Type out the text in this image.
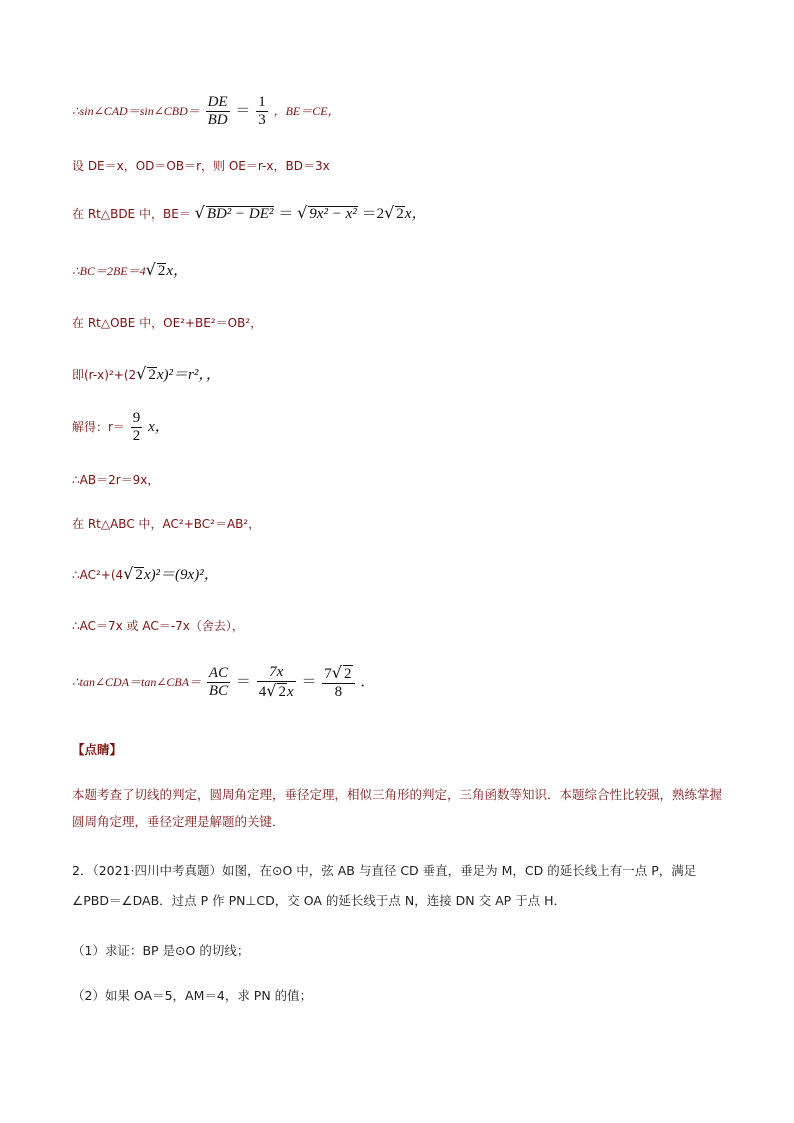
∴sin∠CAD＝sin∠CBD＝ $\frac{DE}{BD} = \frac{1}{3}$ ，BE＝CE，
设 DE＝x，OD＝OB＝r，则 OE＝r-x，BD＝3x
在 Rt△BDE 中，BE＝ √ BD² − DE² ＝ √ 9x² − x² ＝2√ 2x，
∴BC＝2BE＝4√ 2x，
在 Rt△OBE 中，OE²+BE²＝OB²，
即(r-x)²+(2√ 2x)²＝r²，，
解得：$r= \frac{9}{2}$ x，
∴AB＝2r＝9x，
在 Rt△ABC 中，AC²+BC²＝AB²，
∴AC²+(4√ 2x)²＝(9x)²，
∴AC＝7x 或 AC＝-7x（舍去），
∴tan∠CDA＝tan∠CBA＝ $\frac{AC}{BC} = \frac{7x}{4√ 2x} = \frac{7√ 2}{8}$ ．
【点睛】
本题考查了切线的判定，圆周角定理，垂径定理，相似三角形的判定，三角函数等知识．本题综合性比较强，熟练掌握圆周角定理，垂径定理是解题的关键．
2．（2021·四川中考真题）如图，在⊙O 中，弦 AB 与直径 CD 垂直，垂足为 M，CD 的延长线上有一点 P，满足∠PBD＝∠DAB．过点 P 作 PN⊥CD，交 OA 的延长线于点 N，连接 DN 交 AP 于点 H．
（1）求证：BP 是⊙O 的切线；
（2）如果 OA＝5，AM＝4，求 PN 的值；
